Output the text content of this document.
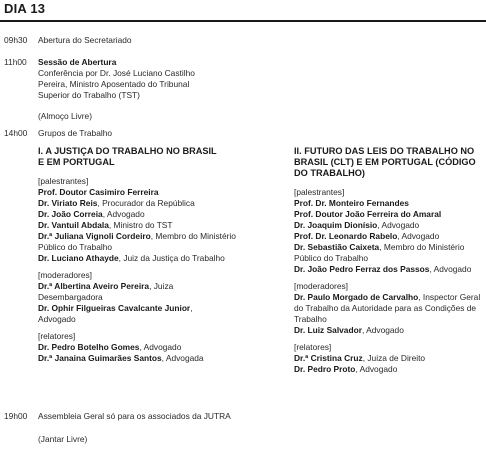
DIA 13
09h30	Abertura do Secretariado
11h00	Sessão de Abertura
Conferência por Dr. José Luciano Castilho
Pereira, Ministro Aposentado do Tribunal
Superior do Trabalho (TST)
(Almoço Livre)
14h00	Grupos de Trabalho
I. A JUSTIÇA DO TRABALHO NO BRASIL
E EM PORTUGAL
[palestrantes]
Prof. Doutor Casimiro Ferreira
Dr. Viriato Reis, Procurador da República
Dr. João Correia, Advogado
Dr. Vantuil Abdala, Ministro do TST
Dr.ª Juliana Vignoli Cordeiro, Membro do Ministério Público do Trabalho
Dr. Luciano Athayde, Juiz da Justiça do Trabalho
[moderadores]
Dr.ª Albertina Aveiro Pereira, Juiza Desembargadora
Dr. Ophir Filgueiras Cavalcante Junior, Advogado
[relatores]
Dr. Pedro Botelho Gomes, Advogado
Dr.ª Janaina Guimarães Santos, Advogada
II. FUTURO DAS LEIS DO TRABALHO NO
BRASIL (CLT) E EM PORTUGAL (CÓDIGO
DO TRABALHO)
[palestrantes]
Prof. Dr. Monteiro Fernandes
Prof. Doutor João Ferreira do Amaral
Dr. Joaquim Dionísio, Advogado
Prof. Dr. Leonardo Rabelo, Advogado
Dr. Sebastião Caixeta, Membro do Ministério Público do Trabalho
Dr. João Pedro Ferraz dos Passos, Advogado
[moderadores]
Dr. Paulo Morgado de Carvalho, Inspector Geral do Trabalho da Autoridade para as Condições de Trabalho
Dr. Luiz Salvador, Advogado
[relatores]
Dr.ª Cristina Cruz, Juiza de Direito
Dr. Pedro Proto, Advogado
19h00	Assembleia Geral só para os associados da JUTRA
(Jantar Livre)
